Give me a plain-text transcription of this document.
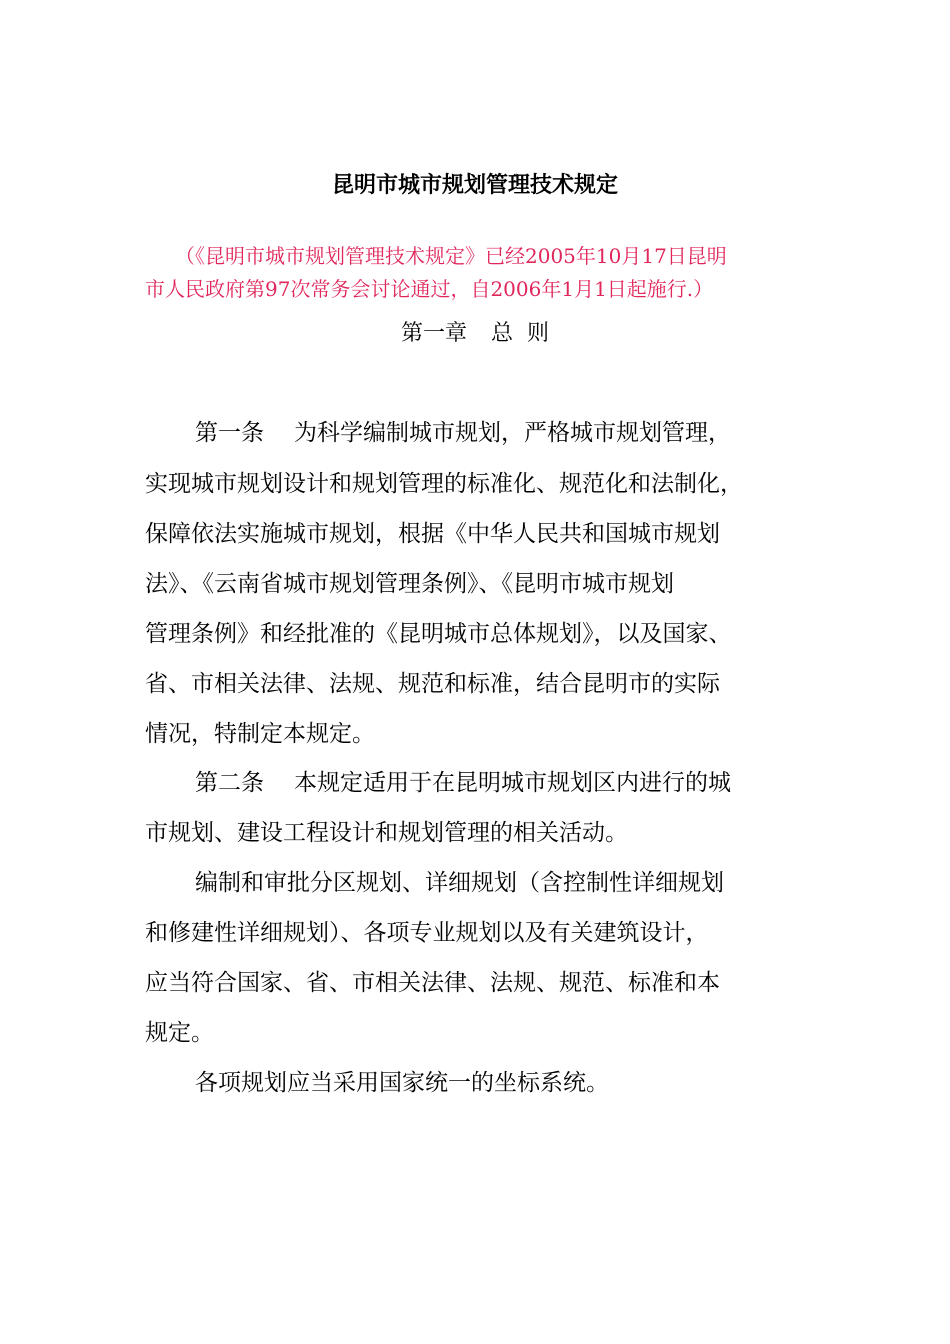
昆明市城市规划管理技术规定
（《昆明市城市规划管理技术规定》已经2005年10月17日昆明
市人民政府第97次常务会讨论通过，自2006年1月1日起施行.）
第一章 总  则
第一条 为科学编制城市规划，严格城市规划管理，
实现城市规划设计和规划管理的标准化、规范化和法制化，
保障依法实施城市规划，根据《中华人民共和国城市规划
法》、《云南省城市规划管理条例》、《昆明市城市规划
管理条例》和经批准的《昆明城市总体规划》，以及国家、
省、市相关法律、法规、规范和标准，结合昆明市的实际
情况，特制定本规定。
第二条 本规定适用于在昆明城市规划区内进行的城
市规划、建设工程设计和规划管理的相关活动。
编制和审批分区规划、详细规划（含控制性详细规划
和修建性详细规划）、各项专业规划以及有关建筑设计，
应当符合国家、省、市相关法律、法规、规范、标准和本
规定。
各项规划应当采用国家统一的坐标系统。
